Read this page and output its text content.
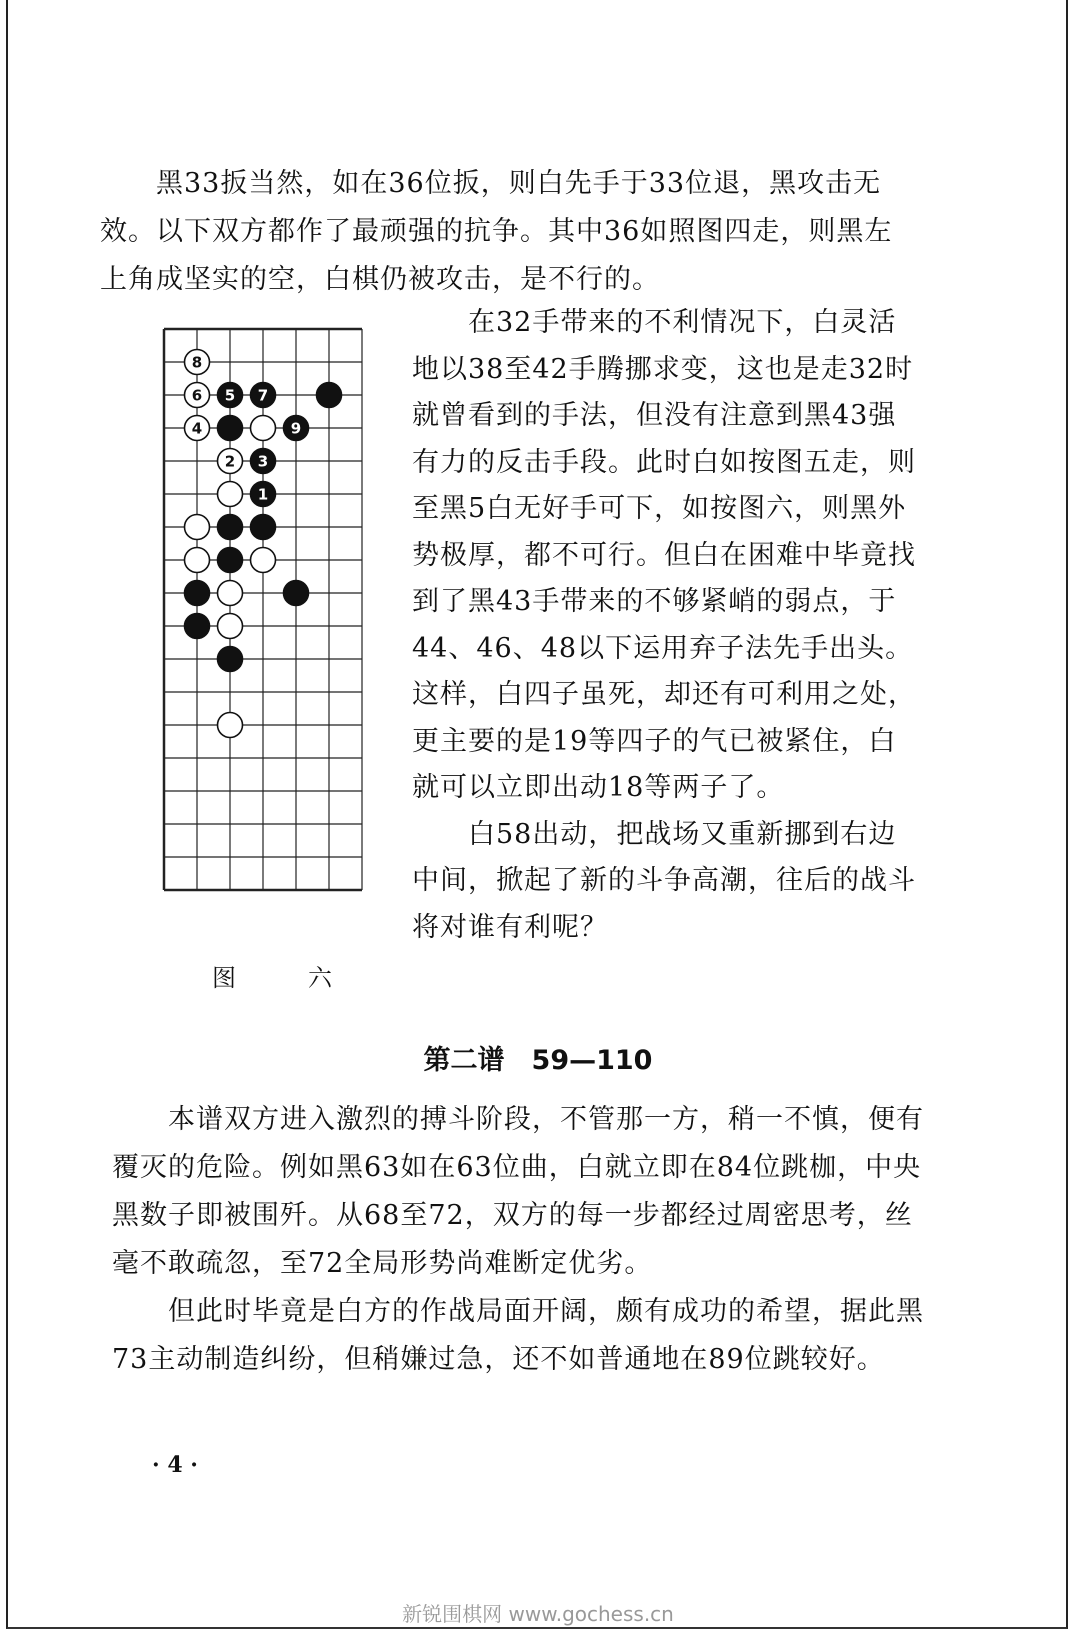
黑33扳当然，如在36位扳，则白先手于33位退，黑攻击无效。以下双方都作了最顽强的抗争。其中36如照图四走，则黑左上角成坚实的空，白棋仍被攻击，是不行的。
8
6 5 7
4	9
2 3
1
图	六

在32手带来的不利情况下，白灵活地以38至42手腾挪求变，这也是走32时就曾看到的手法，但没有注意到黑43强有力的反击手段。此时白如按图五走，则至黑5白无好手可下，如按图六，则黑外势极厚，都不可行。但白在困难中毕竟找到了黑43手带来的不够紧峭的弱点，于44、46、48以下运用弃子法先手出头。这样，白四子虽死，却还有可利用之处，更主要的是19等四子的气已被紧住，白就可以立即出动18等两子了。

白58出动，把战场又重新挪到右边中间，掀起了新的斗争高潮，往后的战斗将对谁有利呢？

第二谱　59—110

本谱双方进入激烈的搏斗阶段，不管那一方，稍一不慎，便有覆灭的危险。例如黑63如在63位曲，白就立即在84位跳枷，中央黑数子即被围歼。从68至72，双方的每一步都经过周密思考，丝毫不敢疏忽，至72全局形势尚难断定优劣。

但此时毕竟是白方的作战局面开阔，颇有成功的希望，据此黑73主动制造纠纷，但稍嫌过急，还不如普通地在89位跳较好。

· 4 ·
新锐围棋网 www.gochess.cn
